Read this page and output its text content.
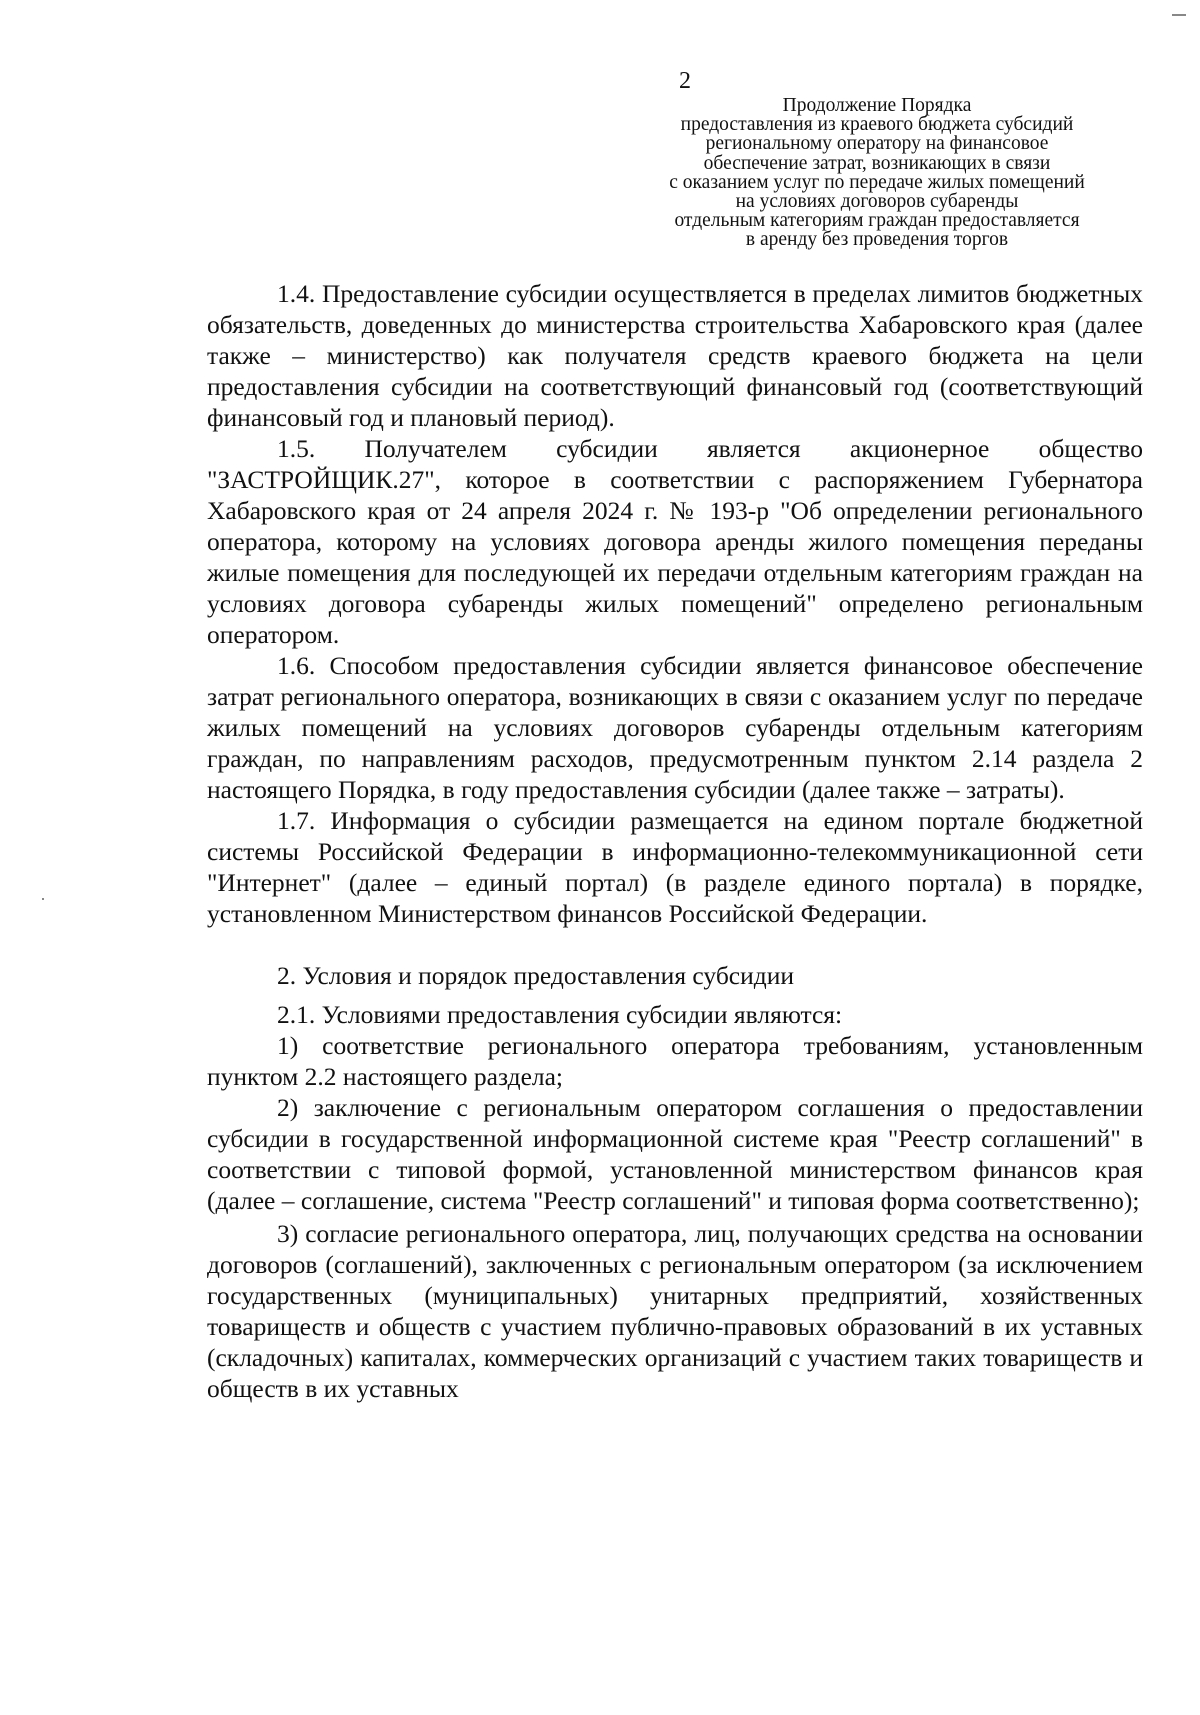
2
Продолжение Порядка
предоставления из краевого бюджета субсидий
региональному оператору на финансовое
обеспечение затрат, возникающих в связи
с оказанием услуг по передаче жилых помещений
на условиях договоров субаренды
отдельным категориям граждан предоставляется
в аренду без проведения торгов

1.4. Предоставление субсидии осуществляется в пределах лимитов бюджетных обязательств, доведенных до министерства строительства Хабаровского края (далее также – министерство) как получателя средств краевого бюджета на цели предоставления субсидии на соответствующий финансовый год (соответствующий финансовый год и плановый период).

1.5. Получателем субсидии является акционерное общество "ЗАСТРОЙЩИК.27", которое в соответствии с распоряжением Губернатора Хабаровского края от 24 апреля 2024 г. № 193-р "Об определении регионального оператора, которому на условиях договора аренды жилого помещения переданы жилые помещения для последующей их передачи отдельным категориям граждан на условиях договора субаренды жилых помещений" определено региональным оператором.

1.6. Способом предоставления субсидии является финансовое обеспечение затрат регионального оператора, возникающих в связи с оказанием услуг по передаче жилых помещений на условиях договоров субаренды отдельным категориям граждан, по направлениям расходов, предусмотренным пунктом 2.14 раздела 2 настоящего Порядка, в году предоставления субсидии (далее также – затраты).

1.7. Информация о субсидии размещается на едином портале бюджетной системы Российской Федерации в информационно-телекоммуникационной сети "Интернет" (далее – единый портал) (в разделе единого портала) в порядке, установленном Министерством финансов Российской Федерации.

2. Условия и порядок предоставления субсидии

2.1. Условиями предоставления субсидии являются:

1) соответствие регионального оператора требованиям, установленным пунктом 2.2 настоящего раздела;

2) заключение с региональным оператором соглашения о предоставлении субсидии в государственной информационной системе края "Реестр соглашений" в соответствии с типовой формой, установленной министерством финансов края (далее – соглашение, система "Реестр соглашений" и типовая форма соответственно);

3) согласие регионального оператора, лиц, получающих средства на основании договоров (соглашений), заключенных с региональным оператором (за исключением государственных (муниципальных) унитарных предприятий, хозяйственных товариществ и обществ с участием публично-правовых образований в их уставных (складочных) капиталах, коммерческих организаций с участием таких товариществ и обществ в их уставных
